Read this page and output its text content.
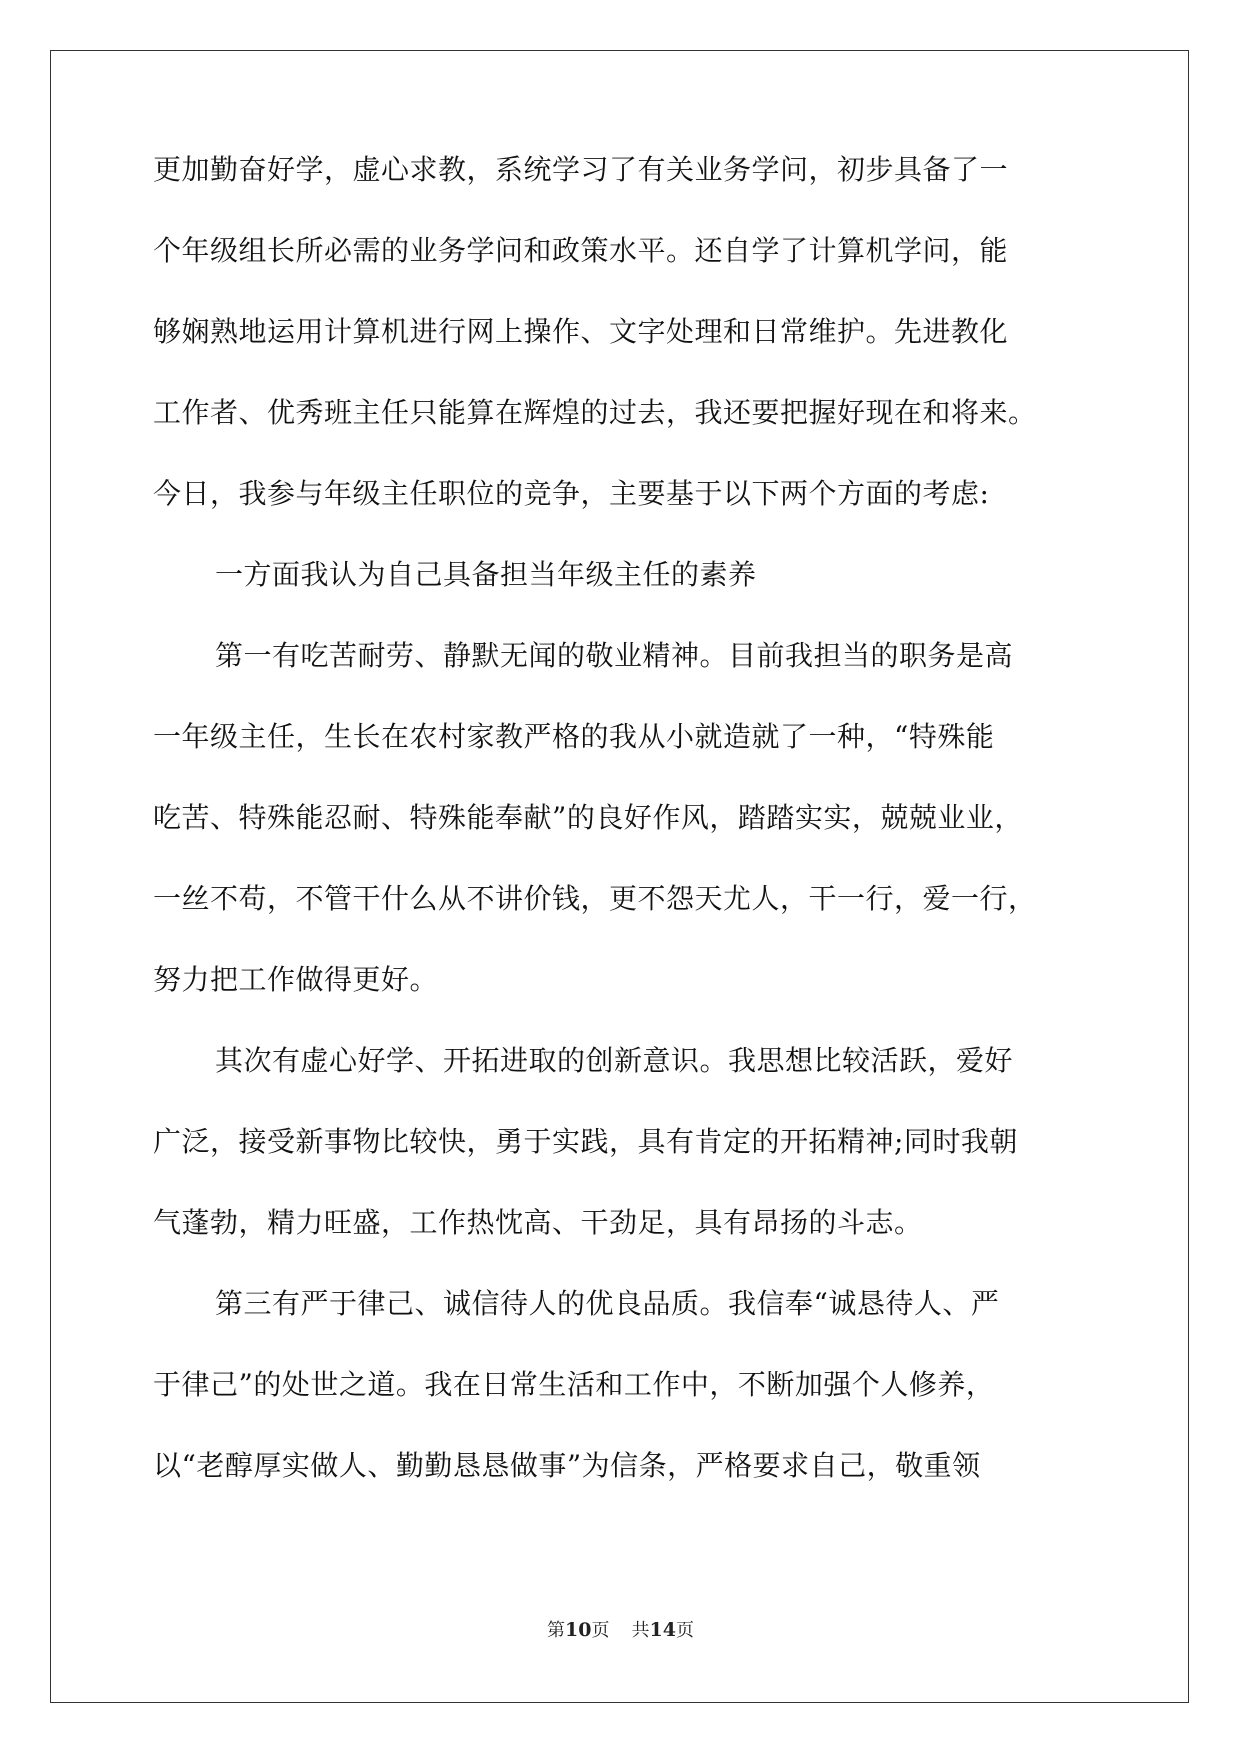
更加勤奋好学，虚心求教，系统学习了有关业务学问，初步具备了一
个年级组长所必需的业务学问和政策水平。还自学了计算机学问，能
够娴熟地运用计算机进行网上操作、文字处理和日常维护。先进教化
工作者、优秀班主任只能算在辉煌的过去，我还要把握好现在和将来。
今日，我参与年级主任职位的竞争，主要基于以下两个方面的考虑:
一方面我认为自己具备担当年级主任的素养
第一有吃苦耐劳、静默无闻的敬业精神。目前我担当的职务是高
一年级主任，生长在农村家教严格的我从小就造就了一种，“特殊能
吃苦、特殊能忍耐、特殊能奉献”的良好作风，踏踏实实，兢兢业业，
一丝不苟，不管干什么从不讲价钱，更不怨天尤人，干一行，爱一行，
努力把工作做得更好。
其次有虚心好学、开拓进取的创新意识。我思想比较活跃，爱好
广泛，接受新事物比较快，勇于实践，具有肯定的开拓精神;同时我朝
气蓬勃，精力旺盛，工作热忱高、干劲足，具有昂扬的斗志。
第三有严于律己、诚信待人的优良品质。我信奉“诚恳待人、严
于律己”的处世之道。我在日常生活和工作中，不断加强个人修养，
以“老醇厚实做人、勤勤恳恳做事”为信条，严格要求自己，敬重领
第10页 共14页
